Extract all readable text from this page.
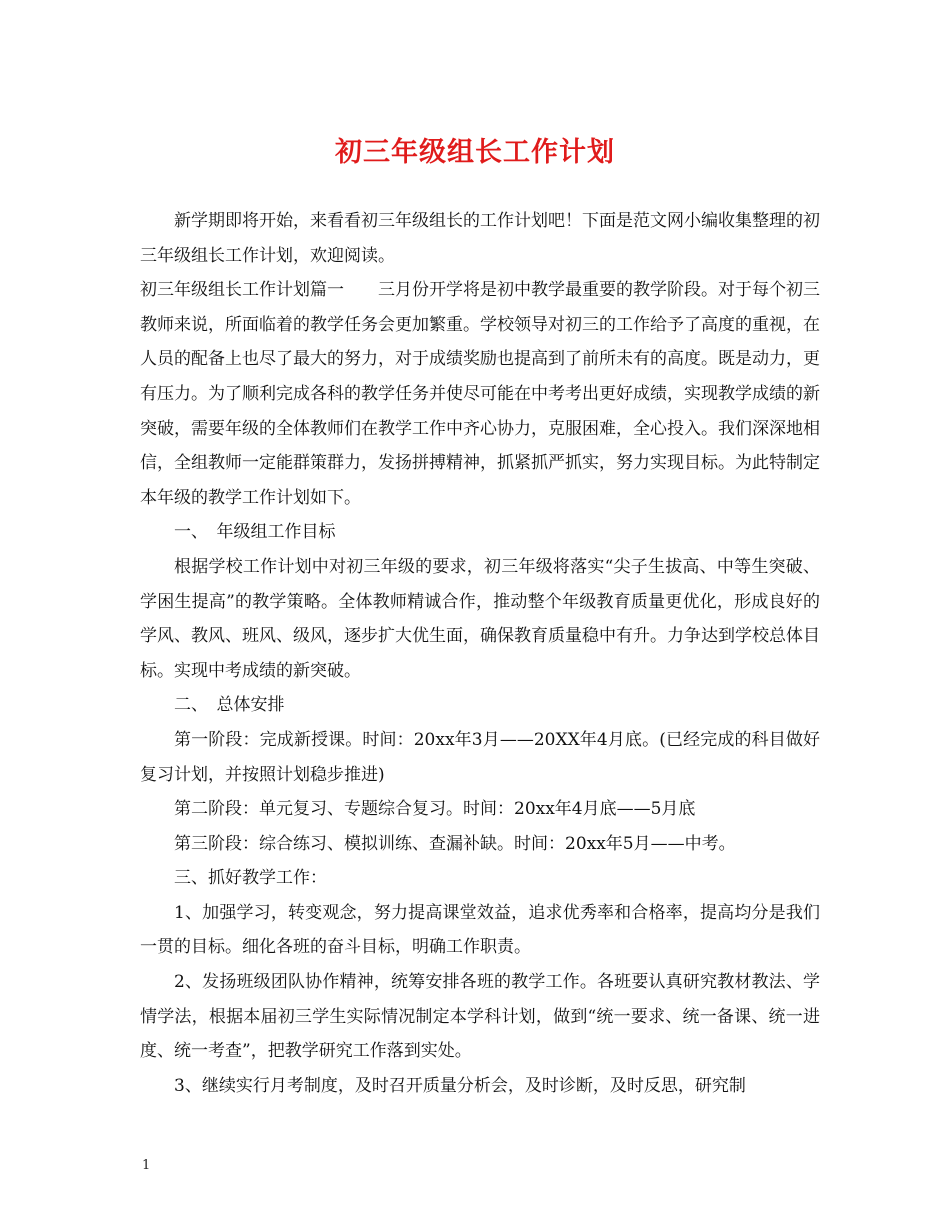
初三年级组长工作计划

新学期即将开始，来看看初三年级组长的工作计划吧！下面是范文网小编收集整理的初三年级组长工作计划，欢迎阅读。

初三年级组长工作计划篇一　　三月份开学将是初中教学最重要的教学阶段。对于每个初三教师来说，所面临着的教学任务会更加繁重。学校领导对初三的工作给予了高度的重视，在人员的配备上也尽了最大的努力，对于成绩奖励也提高到了前所未有的高度。既是动力，更有压力。为了顺利完成各科的教学任务并使尽可能在中考考出更好成绩，实现教学成绩的新突破，需要年级的全体教师们在教学工作中齐心协力，克服困难，全心投入。我们深深地相信，全组教师一定能群策群力，发扬拼搏精神，抓紧抓严抓实，努力实现目标。为此特制定本年级的教学工作计划如下。

一、　年级组工作目标

根据学校工作计划中对初三年级的要求，初三年级将落实“尖子生拔高、中等生突破、学困生提高”的教学策略。全体教师精诚合作，推动整个年级教育质量更优化，形成良好的学风、教风、班风、级风，逐步扩大优生面，确保教育质量稳中有升。力争达到学校总体目标。实现中考成绩的新突破。

二、　总体安排

第一阶段：完成新授课。时间：20xx年3月——20XX年4月底。(已经完成的科目做好复习计划，并按照计划稳步推进)

第二阶段：单元复习、专题综合复习。时间：20xx年4月底——5月底

第三阶段：综合练习、模拟训练、查漏补缺。时间：20xx年5月——中考。

三、抓好教学工作：

1、加强学习，转变观念，努力提高课堂效益，追求优秀率和合格率，提高均分是我们一贯的目标。细化各班的奋斗目标，明确工作职责。

2、发扬班级团队协作精神，统筹安排各班的教学工作。各班要认真研究教材教法、学情学法，根据本届初三学生实际情况制定本学科计划，做到“统一要求、统一备课、统一进度、统一考查”，把教学研究工作落到实处。

3、继续实行月考制度，及时召开质量分析会，及时诊断，及时反思，研究制

1
